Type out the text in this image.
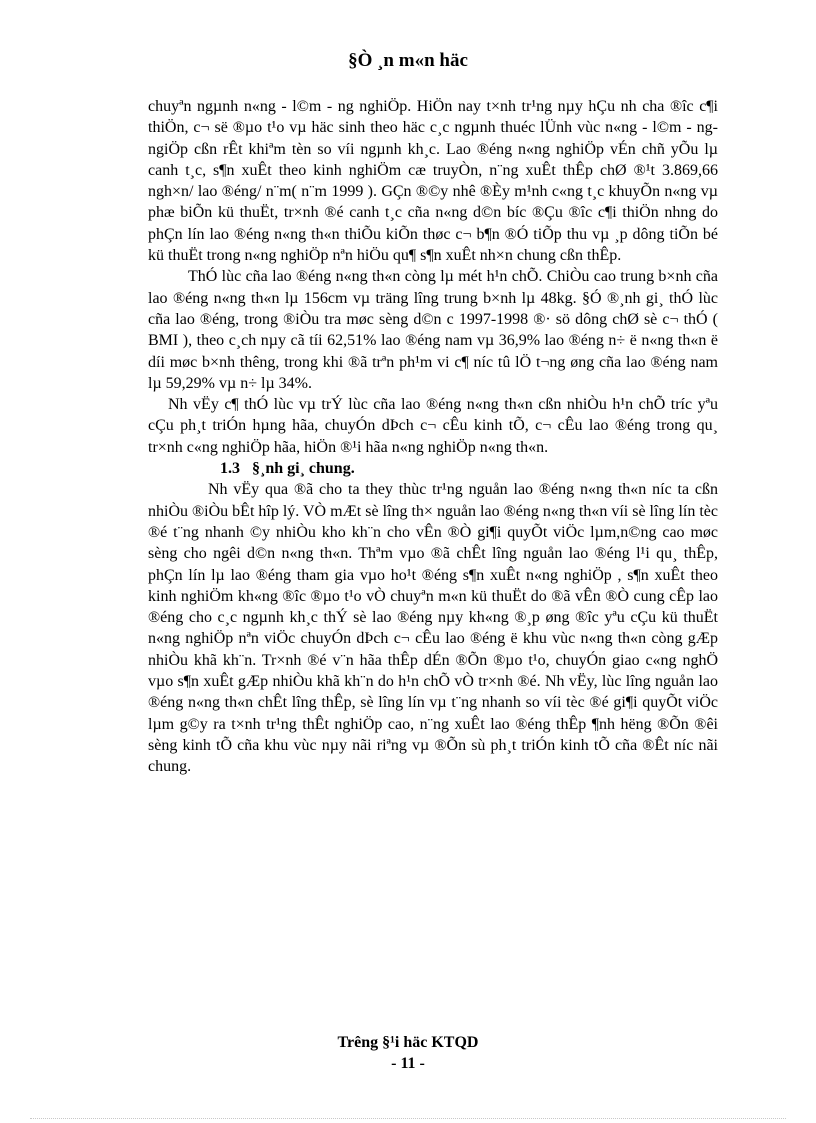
§Ò ¸n m«n häc

chuyªn ngµnh n«ng - l©m - ng nghiÖp. HiÖn nay t×nh tr¹ng nµy hÇu nh cha ®îc c¶i thiÖn, c¬ së ®µo t¹o vµ häc sinh theo häc c¸c ngµnh thuéc lÜnh vùc n«ng - l©m - ng ngiÖp cßn rÊt khiªm tèn so víi ngµnh kh¸c. Lao ®éng n«ng nghiÖp vÉn chñ yÕu lµ canh t¸c, s¶n xuÊt theo kinh nghiÖm cæ truyÒn, n¨ng xuÊt thÊp chØ ®¹t 3.869,66 ngh×n/ lao ®éng/ n¨m( n¨m 1999 ). GÇn ®©y nhê ®Èy m¹nh c«ng t¸c khuyÕn n«ng vµ phæ biÕn kü thuËt, tr×nh ®é canh t¸c cña n«ng d©n bíc ®Çu ®îc c¶i thiÖn nhng do phÇn lín lao ®éng n«ng th«n thiÕu kiÕn thøc c¬ b¶n ®Ó tiÕp thu vµ ¸p dông tiÕn bé kü thuËt trong n«ng nghiÖp nªn hiÖu qu¶ s¶n xuÊt nh×n chung cßn thÊp.

ThÓ lùc cña lao ®éng n«ng th«n còng lµ mét h¹n chÕ. ChiÒu cao trung b×nh cña lao ®éng n«ng th«n lµ 156cm vµ träng lîng trung b×nh lµ 48kg. §Ó ®¸nh gi¸ thÓ lùc cña lao ®éng, trong ®iÒu tra møc sèng d©n c 1997-1998 ®· sö dông chØ sè c¬ thÓ ( BMI ), theo c¸ch nµy cã tíi 62,51% lao ®éng nam vµ 36,9% lao ®éng n÷ ë n«ng th«n ë díi møc b×nh thêng, trong khi ®ã trªn ph¹m vi c¶ níc tû lÖ t¬ng øng cña lao ®éng nam lµ 59,29% vµ n÷ lµ 34%.

Nh vËy c¶ thÓ lùc vµ trÝ lùc cña lao ®éng n«ng th«n cßn nhiÒu h¹n chÕ tríc yªu cÇu ph¸t triÓn hµng hãa, chuyÓn dÞch c¬ cÊu kinh tÕ, c¬ cÊu lao ®éng trong qu¸ tr×nh c«ng nghiÖp hãa, hiÖn ®¹i hãa n«ng nghiÖp n«ng th«n.

1.3 §¸nh gi¸ chung.

Nh vËy qua ®ã cho ta they thùc tr¹ng nguån lao ®éng n«ng th«n níc ta cßn nhiÒu ®iÒu bÊt hîp lý. VÒ mÆt sè lîng th× nguån lao ®éng n«ng th«n víi sè lîng lín tèc ®é t¨ng nhanh ©y nhiÒu kho kh¨n cho vÊn ®Ò gi¶i quyÕt viÖc lµm,n©ng cao møc sèng cho ngêi d©n n«ng th«n. Thªm vµo ®ã chÊt lîng nguån lao ®éng l¹i qu¸ thÊp, phÇn lín lµ lao ®éng tham gia vµo ho¹t ®éng s¶n xuÊt n«ng nghiÖp , s¶n xuÊt theo kinh nghiÖm kh«ng ®îc ®µo t¹o vÒ chuyªn m«n kü thuËt do ®ã vÊn ®Ò cung cÊp lao ®éng cho c¸c ngµnh kh¸c thÝ sè lao ®éng nµy kh«ng ®¸p øng ®îc yªu cÇu kü thuËt n«ng nghiÖp nªn viÖc chuyÓn dÞch c¬ cÊu lao ®éng ë khu vùc n«ng th«n còng gÆp nhiÒu khã kh¨n. Tr×nh ®é v¨n hãa thÊp dÉn ®Õn ®µo t¹o, chuyÓn giao c«ng nghÖ vµo s¶n xuÊt gÆp nhiÒu khã kh¨n do h¹n chÕ vÒ tr×nh ®é. Nh vËy, lùc lîng nguån lao ®éng n«ng th«n chÊt lîng thÊp, sè lîng lín vµ t¨ng nhanh so víi tèc ®é gi¶i quyÕt viÖc lµm g©y ra t×nh tr¹ng thÊt nghiÖp cao, n¨ng xuÊt lao ®éng thÊp ¶nh hëng ®Õn ®êi sèng kinh tÕ cña khu vùc nµy nãi riªng vµ ®Õn sù ph¸t triÓn kinh tÕ cña ®Êt níc nãi chung.

Trêng §¹i häc KTQD
- 11 -
